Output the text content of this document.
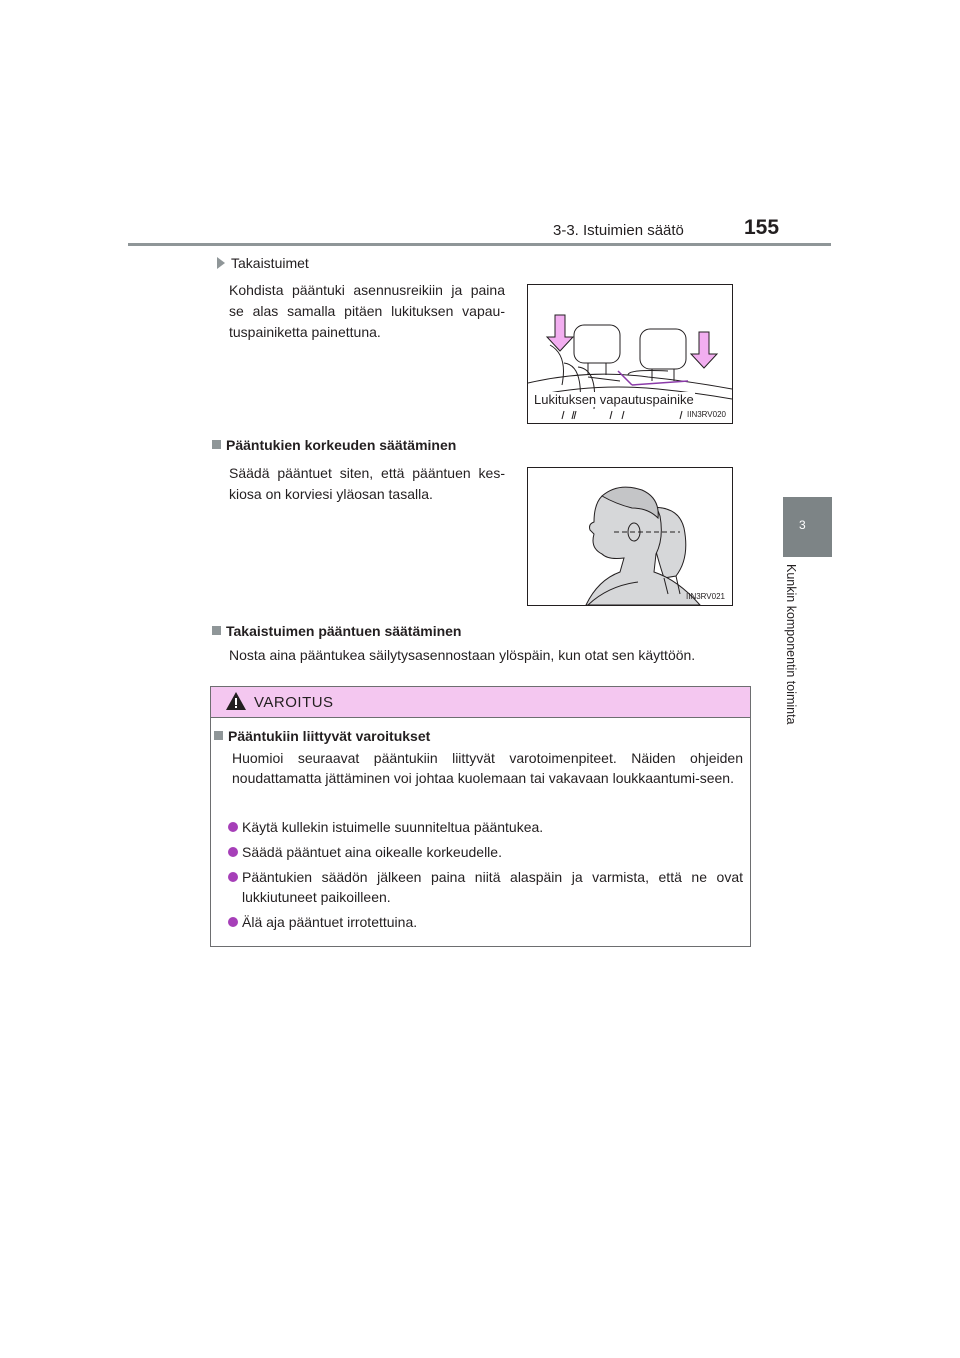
3-3. Istuimien säätö	155
3
Kunkin komponentin toiminta
Takaistuimet

Kohdista pääntuki asennusreikiin ja paina se alas samalla pitäen lukituksen vapau-tuspainiketta painettuna.

Lukituksen vapautuspainike
IIN3RV020
Pääntukien korkeuden säätäminen

Säädä pääntuet siten, että pääntuen kes-kiosa on korviesi yläosan tasalla.

IIN3RV021
Takaistuimen pääntuen säätäminen

Nosta aina pääntukea säilytysasennostaan ylöspäin, kun otat sen käyttöön.

VAROITUS
Pääntukiin liittyvät varoitukset

Huomioi seuraavat pääntukiin liittyvät varotoimenpiteet. Näiden ohjeiden noudattamatta jättäminen voi johtaa kuolemaan tai vakavaan loukkaantumi-seen.

Käytä kullekin istuimelle suunniteltua pääntukea.
Säädä pääntuet aina oikealle korkeudelle.
Pääntukien säädön jälkeen paina niitä alaspäin ja varmista, että ne ovat lukkiutuneet paikoilleen.
Älä aja pääntuet irrotettuina.
